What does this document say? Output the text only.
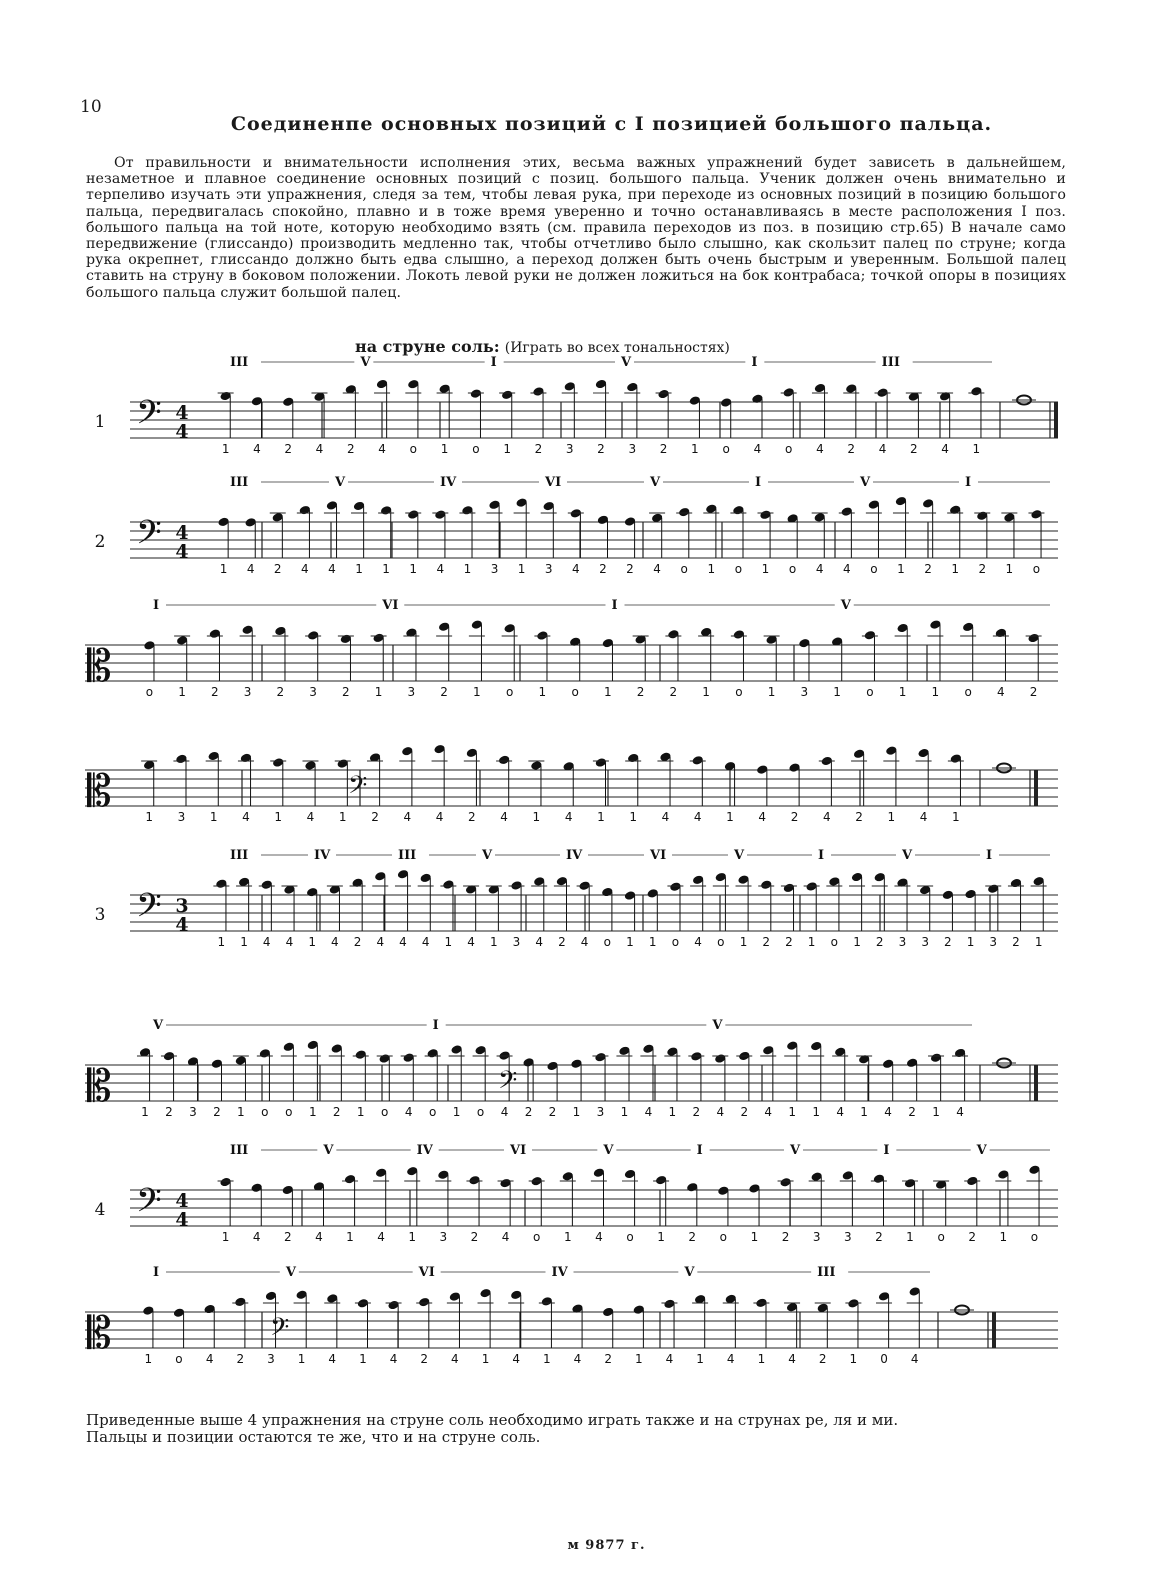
10
Соединенпе основных позиций с I позицией большого пальца.

От правильности и внимательности исполнения этих, весьма важных упражнений будет зависеть в дальнейшем, незаметное и плавное соединение основных позиций с позиц. большого пальца. Ученик должен очень внимательно и терпеливо изучать эти упражнения, следя за тем, чтобы левая рука, при переходе из основных позиций в позицию большого пальца, передвигалась спокойно, плавно и в тоже время уверенно и точно останавливаясь в месте расположения I поз. большого пальца на той ноте, которую необходимо взять (см. правила переходов из поз. в позицию стр.65) В начале само передвижение (глиссандо) производить медленно так, чтобы отчетливо было слышно, как скользит палец по струне; когда рука окрепнет, глиссандо должно быть едва слышно, а переход должен быть очень быстрым и уверенным. Большой палец ставить на струну в боковом положении. Локоть левой руки не должен ложиться на бок контрабаса; точкой опоры в позициях большого пальца служит большой палец.

на струне соль: (Играть во всех тональностях)
𝄢 4
4
1
1 4 2 4 2 4 o 1 o 1 2 3 2 3 2 1 o 4 o 4 2 4 2 4 1
III	V	I	V	I	III
𝄢 4
4
2
1 4 2 4 4 1 1 1 4 1 3 1 3 4 2 2 4 o 1 o 1 o 4 4 o 1 2 1 2 1 o
III	V	IV	VI	V	I	V	I
𝄡	o 1 2 3 2 3 2 1 3 2 1 o 1 o 1 2 2 1 o 1 3 1 o 1 1 o 4 2
I	VI	I	V
𝄡	𝄢
1 3 1 4 1 4 1 2 4 4 2 4 1 4 1 1 4 4 1 4 2 4 2 1 4 1
𝄢 3
4
3
1 1 4 4 1 4 2 4 4 4 1 4 1 3 4 2 4 o 1 1 o 4 o 1 2 2 1 o 1 2 3 3 2 1 3 2 1
III	IV	III	V	IV	VI	V	I	V	I
𝄡	𝄢
1 2 3 2 1 o o 1 2 1 o 4 o 1 o 4 2 2 1 3 1 4 1 2 4 2 4 1 1 4 1 4 2 1 4
V	I	V
𝄢 4
4
4
1 4 2 4 1 4 1 3 2 4 o 1 4 o 1 2 o 1 2 3 3 2 1 o 2 1 o
III	V	IV	VI	V	I	V	I	V
𝄡	𝄢
1 o 4 2 3 1 4 1 4 2 4 1 4 1 4 2 1 4 1 4 1 4 2 1 0 4
I	V	VI	IV	V	III
Приведенные выше 4 упражнения на струне соль необходимо играть также и на струнах ре, ля и ми.
Пальцы и позиции остаются те же, что и на струне соль.
м 9877 г.
